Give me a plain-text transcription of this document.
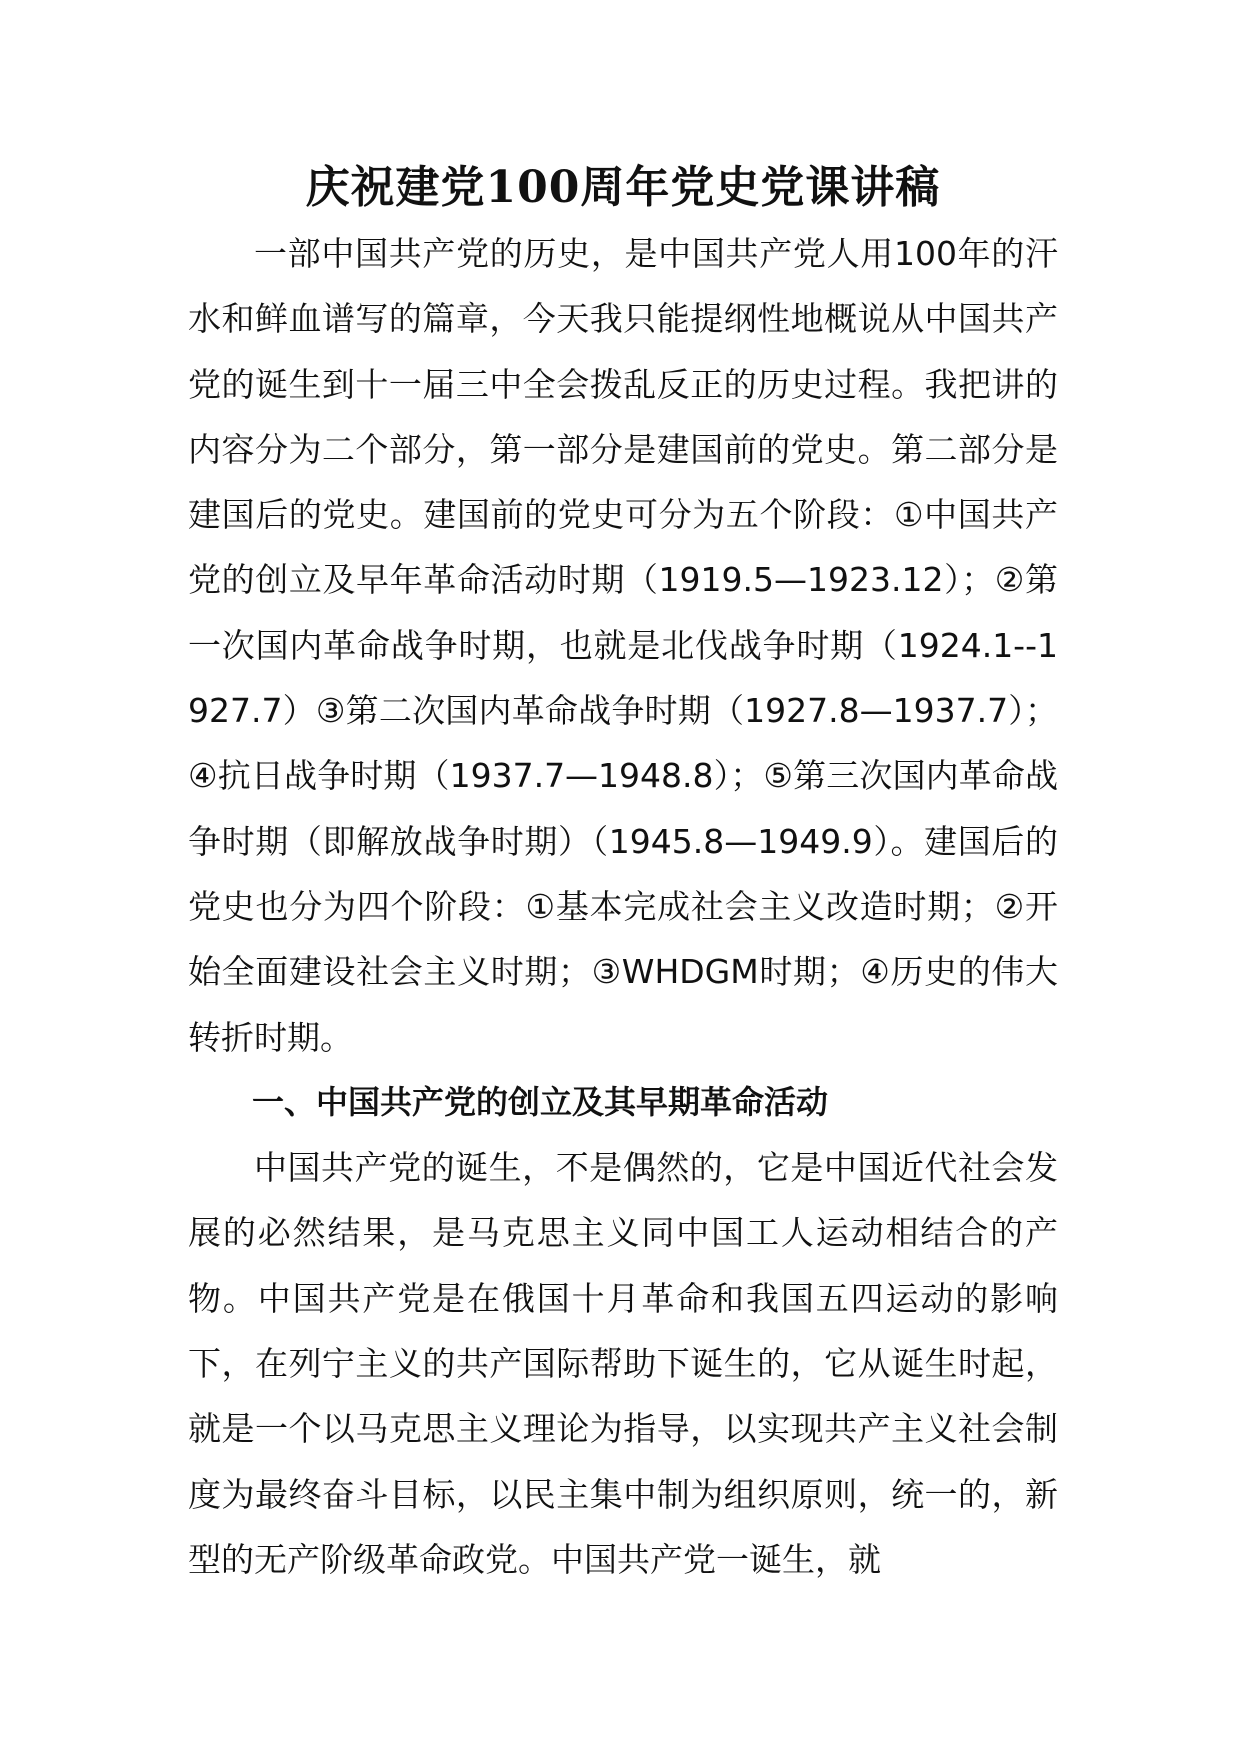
庆祝建党100周年党史党课讲稿

一部中国共产党的历史，是中国共产党人用100年的汗水和鲜血谱写的篇章，今天我只能提纲性地概说从中国共产党的诞生到十一届三中全会拨乱反正的历史过程。我把讲的内容分为二个部分，第一部分是建国前的党史。第二部分是建国后的党史。建国前的党史可分为五个阶段：①中国共产党的创立及早年革命活动时期（1919.5—1923.12）；②第一次国内革命战争时期，也就是北伐战争时期（1924.1--1927.7）③第二次国内革命战争时期（1927.8—1937.7）；④抗日战争时期（1937.7—1948.8）；⑤第三次国内革命战争时期（即解放战争时期）（1945.8—1949.9）。建国后的党史也分为四个阶段：①基本完成社会主义改造时期；②开始全面建设社会主义时期；③WHDGM时期；④历史的伟大转折时期。

一、中国共产党的创立及其早期革命活动

中国共产党的诞生，不是偶然的，它是中国近代社会发展的必然结果，是马克思主义同中国工人运动相结合的产物。中国共产党是在俄国十月革命和我国五四运动的影响下，在列宁主义的共产国际帮助下诞生的，它从诞生时起，就是一个以马克思主义理论为指导，以实现共产主义社会制度为最终奋斗目标，以民主集中制为组织原则，统一的，新型的无产阶级革命政党。中国共产党一诞生，就
